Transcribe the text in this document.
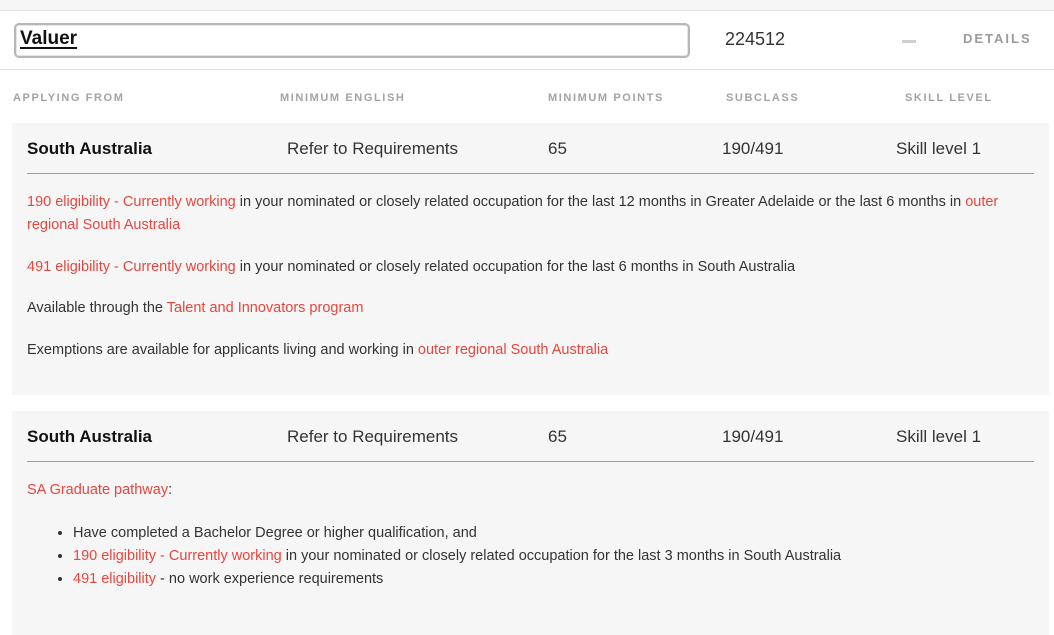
Valuer	224512	DETAILS
APPLYING FROM	MINIMUM ENGLISH	MINIMUM POINTS	SUBCLASS	SKILL LEVEL
South Australia	Refer to Requirements	65	190/491	Skill level 1
190 eligibility - Currently working in your nominated or closely related occupation for the last 12 months in Greater Adelaide or the last 6 months in outer regional South Australia
491 eligibility - Currently working in your nominated or closely related occupation for the last 6 months in South Australia
Available through the Talent and Innovators program
Exemptions are available for applicants living and working in outer regional South Australia
South Australia	Refer to Requirements	65	190/491	Skill level 1
SA Graduate pathway:
• Have completed a Bachelor Degree or higher qualification, and
• 190 eligibility - Currently working in your nominated or closely related occupation for the last 3 months in South Australia
• 491 eligibility - no work experience requirements
